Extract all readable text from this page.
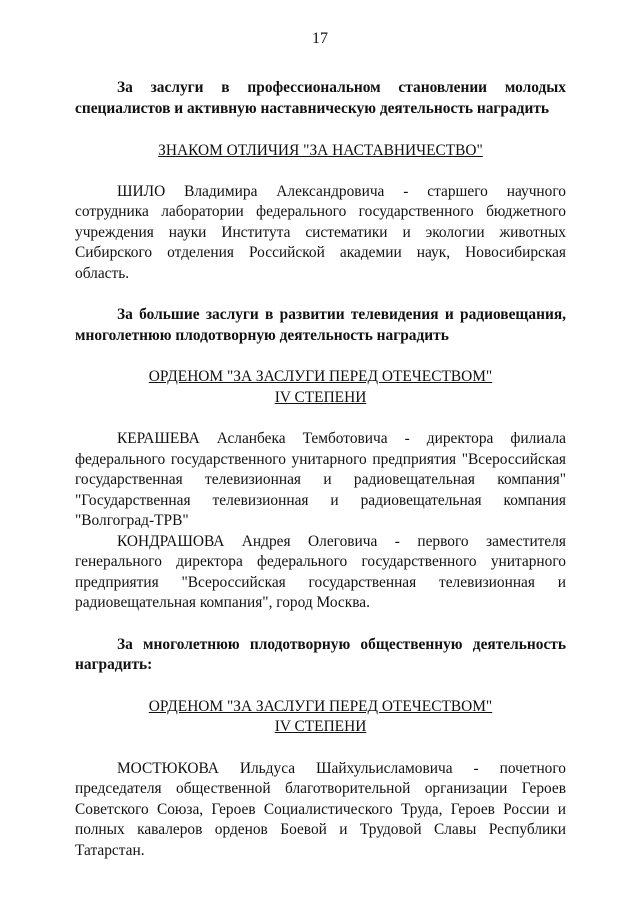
17

За заслуги в профессиональном становлении молодых специалистов и активную наставническую деятельность наградить

ЗНАКОМ ОТЛИЧИЯ "ЗА НАСТАВНИЧЕСТВО"

ШИЛО Владимира Александровича - старшего научного сотрудника лаборатории федерального государственного бюджетного учреждения науки Института систематики и экологии животных Сибирского отделения Российской академии наук, Новосибирская область.

За большие заслуги в развитии телевидения и радиовещания, многолетнюю плодотворную деятельность наградить

ОРДЕНОМ "ЗА ЗАСЛУГИ ПЕРЕД ОТЕЧЕСТВОМ"
IV СТЕПЕНИ

КЕРАШЕВА Асланбека Темботовича - директора филиала федерального государственного унитарного предприятия "Всероссийская государственная телевизионная и радиовещательная компания" "Государственная телевизионная и радиовещательная компания "Волгоград-ТРВ"

КОНДРАШОВА Андрея Олеговича - первого заместителя генерального директора федерального государственного унитарного предприятия "Всероссийская государственная телевизионная и радиовещательная компания", город Москва.

За многолетнюю плодотворную общественную деятельность наградить:

ОРДЕНОМ "ЗА ЗАСЛУГИ ПЕРЕД ОТЕЧЕСТВОМ"
IV СТЕПЕНИ

МОСТЮКОВА Ильдуса Шайхульисламовича - почетного председателя общественной благотворительной организации Героев Советского Союза, Героев Социалистического Труда, Героев России и полных кавалеров орденов Боевой и Трудовой Славы Республики Татарстан.
